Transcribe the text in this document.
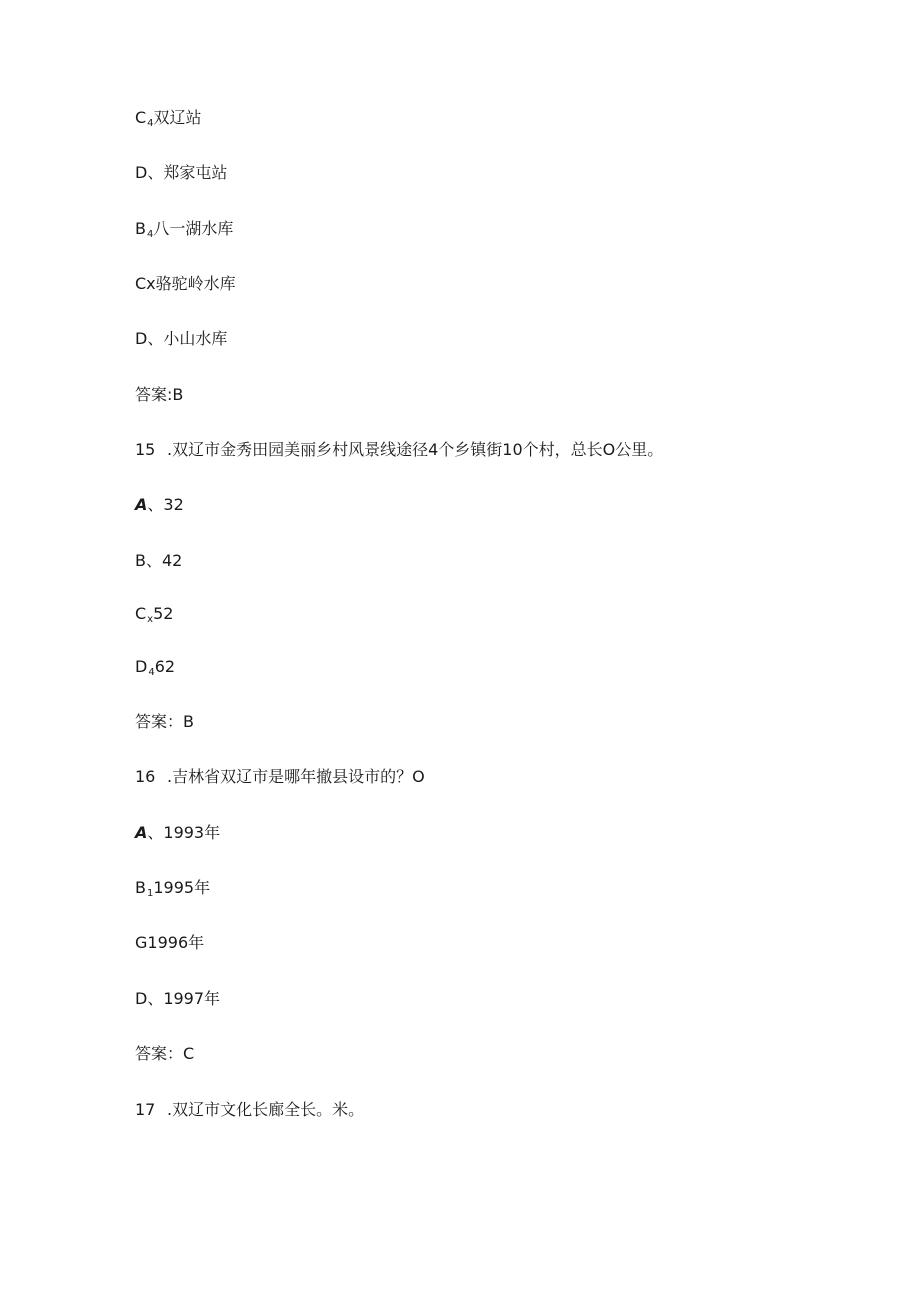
$C_4$双辽站
D、郑家屯站
$B_4$八一湖水库
Cx骆驼岭水库
D、小山水库
答案:B
15 .双辽市金秀田园美丽乡村风景线途径4个乡镇街10个村，总长O公里。
A、32
B、42
$C_x52$
$D_462$
答案：B
16 .吉林省双辽市是哪年撤县设市的？O
A、1993年
$B_11995$年
G1996年
D、1997年
答案：C
17 .双辽市文化长廊全长。米。
